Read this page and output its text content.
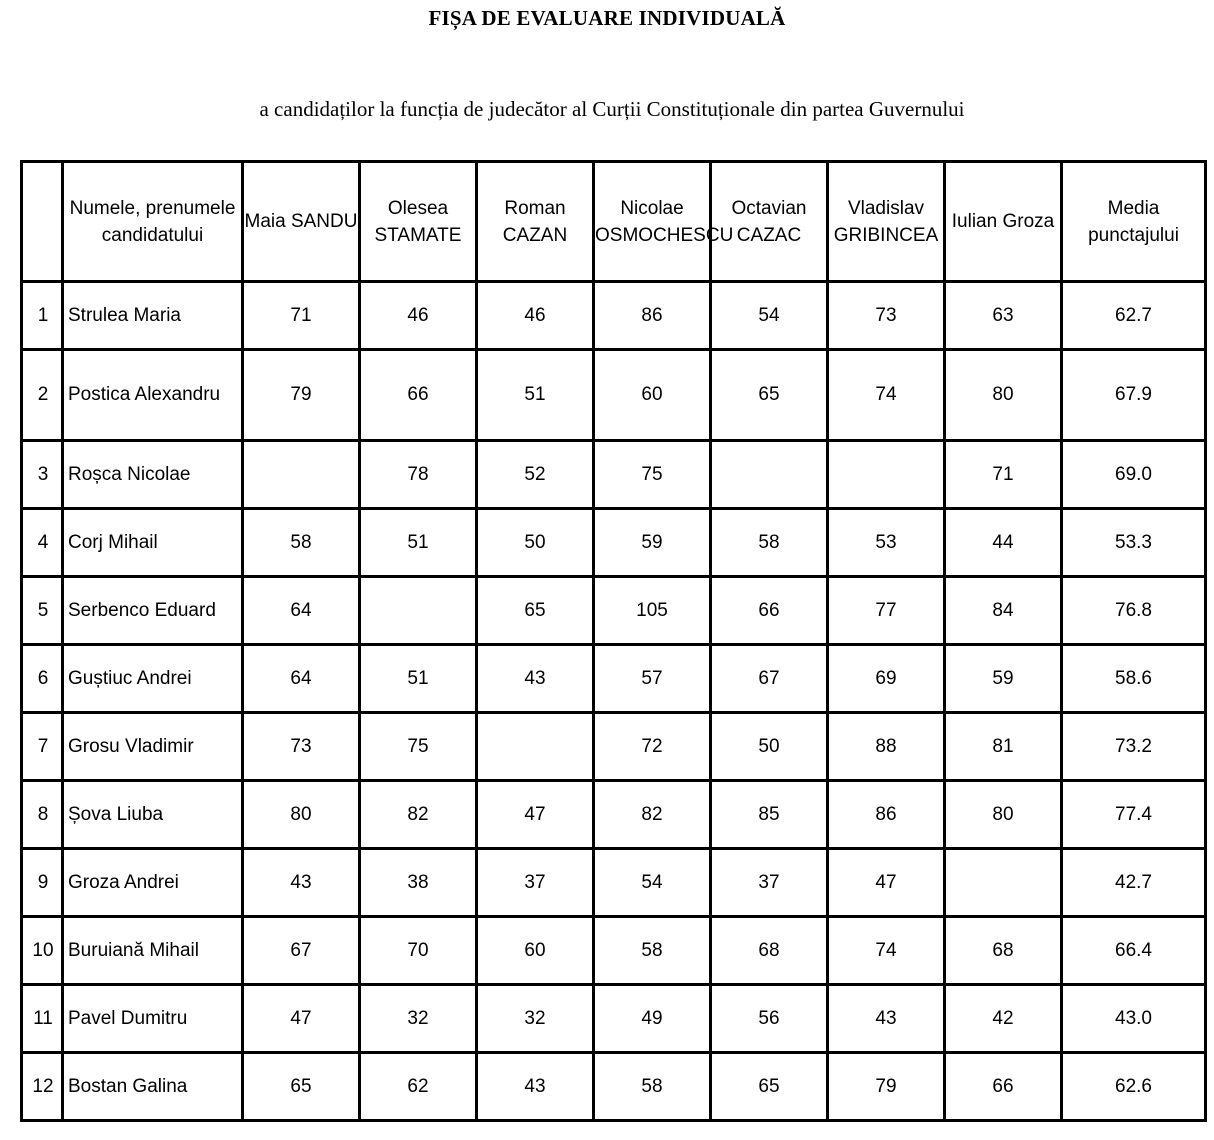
FIȘA DE EVALUARE INDIVIDUALĂ
a candidaților la funcția de judecător al Curții Constituționale din partea Guvernului
	Numele, prenumele candidatului	Maia SANDU	Olesea STAMATE	Roman CAZAN	Nicolae OSMOCHESCU	Octavian CAZAC	Vladislav GRIBINCEA	Iulian Groza	Media punctajului
1	Strulea Maria	71	46	46	86	54	73	63	62.7
2	Postica Alexandru	79	66	51	60	65	74	80	67.9
3	Roșca Nicolae		78	52	75			71	69.0
4	Corj Mihail	58	51	50	59	58	53	44	53.3
5	Serbenco Eduard	64		65	105	66	77	84	76.8
6	Guștiuc Andrei	64	51	43	57	67	69	59	58.6
7	Grosu Vladimir	73	75		72	50	88	81	73.2
8	Șova Liuba	80	82	47	82	85	86	80	77.4
9	Groza Andrei	43	38	37	54	37	47		42.7
10	Buruiană Mihail	67	70	60	58	68	74	68	66.4
11	Pavel Dumitru	47	32	32	49	56	43	42	43.0
12	Bostan Galina	65	62	43	58	65	79	66	62.6
